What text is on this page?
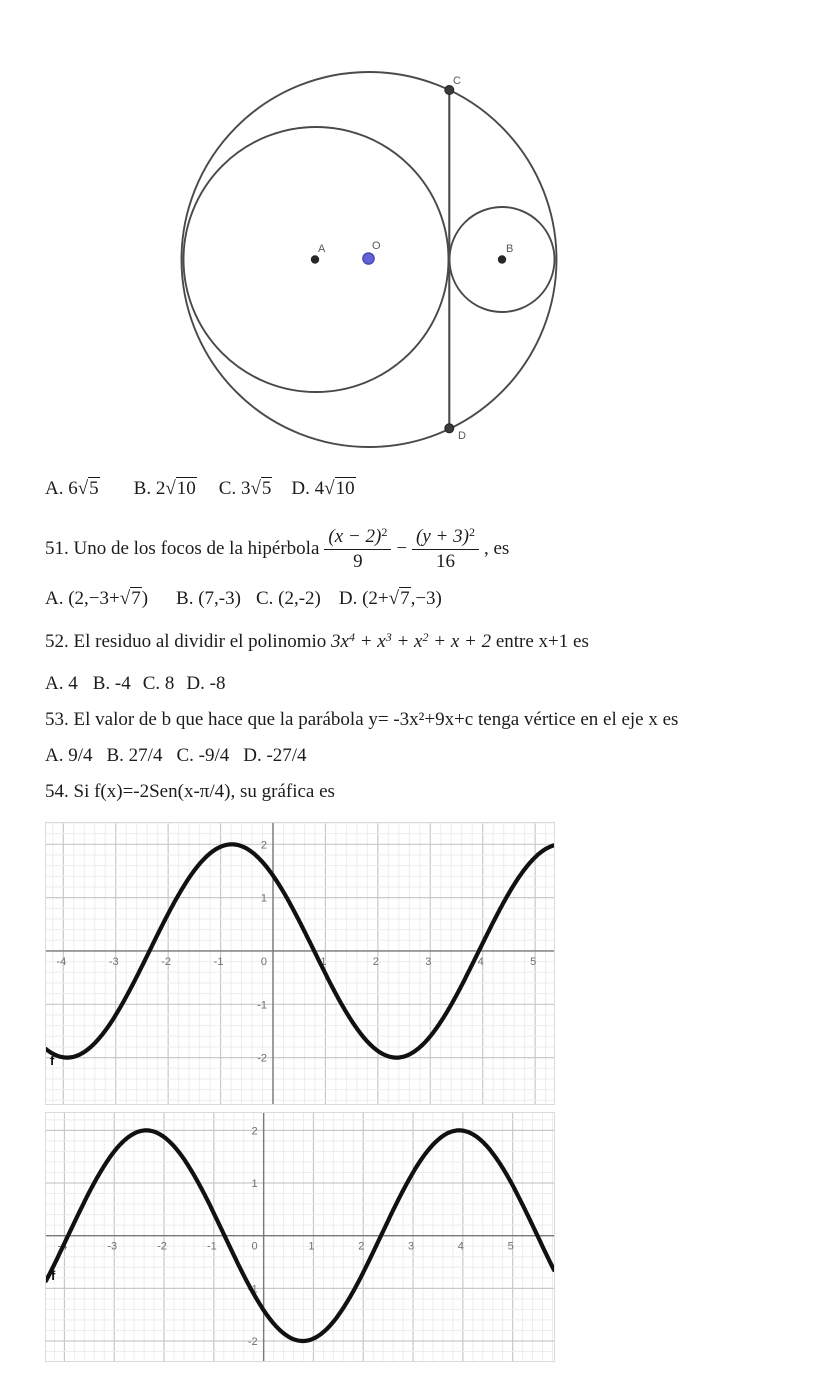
A	O	B
C
D
A. 6√5 B. 2√10 C. 3√5 D. 4√10
51. Uno de los focos de la hipérbola $\frac{(x - 2)^2}{9} - \frac{(y + 3)^2}{16}$ , es
A. (2,−3+√7) B. (7,-3) C. (2,-2) D. (2+√7,−3)
52. El residuo al dividir el polinomio $3x^4 + x^3 + x^2 + x + 2$ entre x+1 es
A. 4 B. -4 C. 8 D. -8
53. El valor de b que hace que la parábola y= -3x²+9x+c tenga vértice en el eje x es
A. 9/4 B. 27/4 C. -9/4 D. -27/4
54. Si f(x)=-2Sen(x-π/4), su gráfica es
-4	-3	-2	-1	1	2	3	4	5
0
2
1
-1
-2
f
-4	-3	-2	-1	1	2	3	4	5
0
2
1
-1
-2
f
